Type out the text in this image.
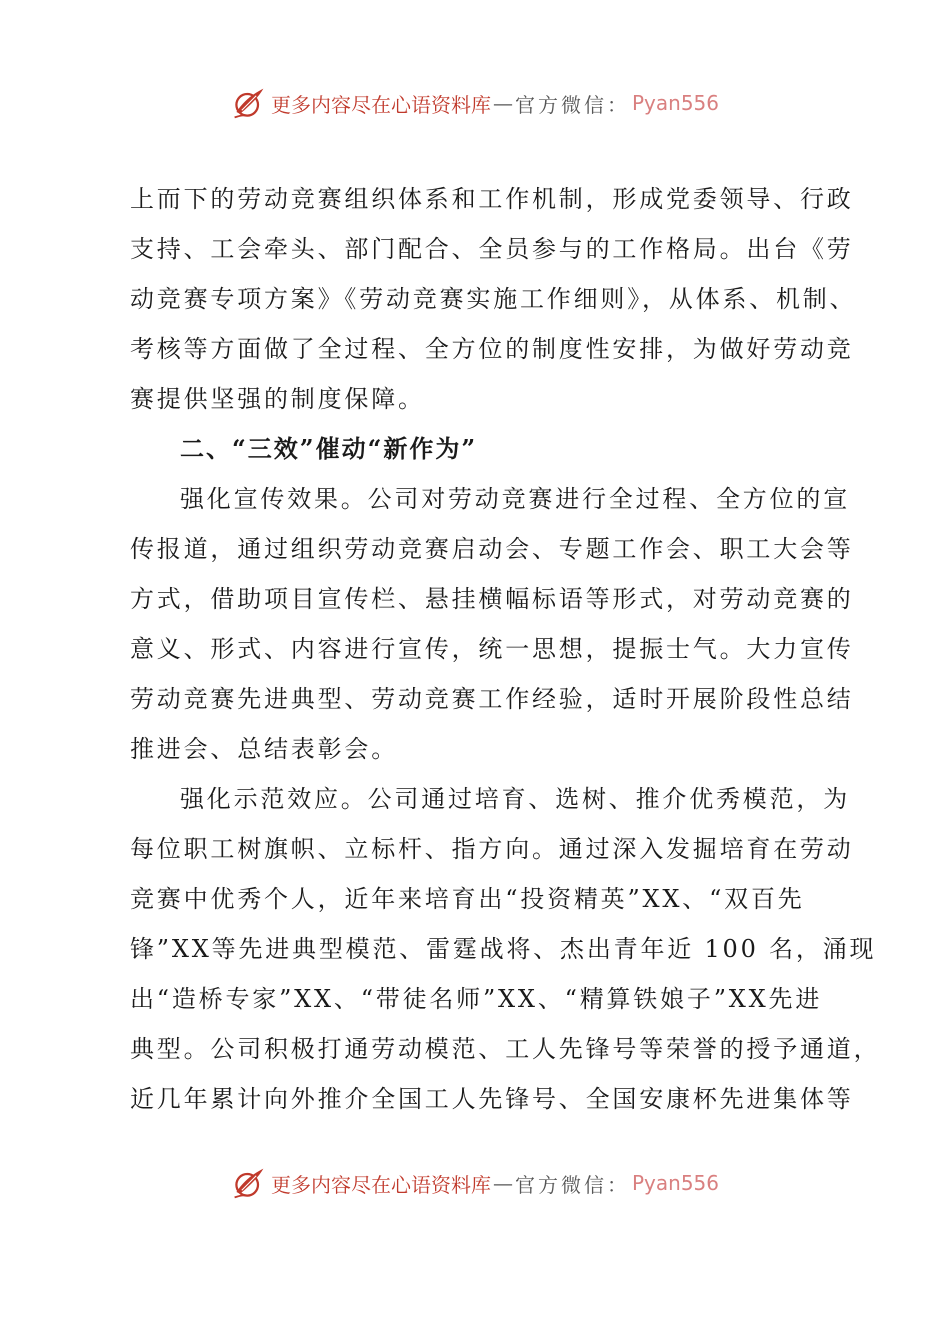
更多内容尽在心语资料库 — 官方微信： Pyan556
上而下的劳动竞赛组织体系和工作机制，形成党委领导、行政
支持、工会牵头、部门配合、全员参与的工作格局。出台《劳
动竞赛专项方案》《劳动竞赛实施工作细则》，从体系、机制、
考核等方面做了全过程、全方位的制度性安排，为做好劳动竞
赛提供坚强的制度保障。
二、“三效”催动“新作为”
强化宣传效果。公司对劳动竞赛进行全过程、全方位的宣
传报道，通过组织劳动竞赛启动会、专题工作会、职工大会等
方式，借助项目宣传栏、悬挂横幅标语等形式，对劳动竞赛的
意义、形式、内容进行宣传，统一思想，提振士气。大力宣传
劳动竞赛先进典型、劳动竞赛工作经验，适时开展阶段性总结
推进会、总结表彰会。
强化示范效应。公司通过培育、选树、推介优秀模范，为
每位职工树旗帜、立标杆、指方向。通过深入发掘培育在劳动
竞赛中优秀个人，近年来培育出“投资精英”XX、“双百先
锋”XX等先进典型模范、雷霆战将、杰出青年近 100 名，涌现
出“造桥专家”XX、“带徒名师”XX、“精算铁娘子”XX先进
典型。公司积极打通劳动模范、工人先锋号等荣誉的授予通道，
近几年累计向外推介全国工人先锋号、全国安康杯先进集体等
更多内容尽在心语资料库 — 官方微信： Pyan556
